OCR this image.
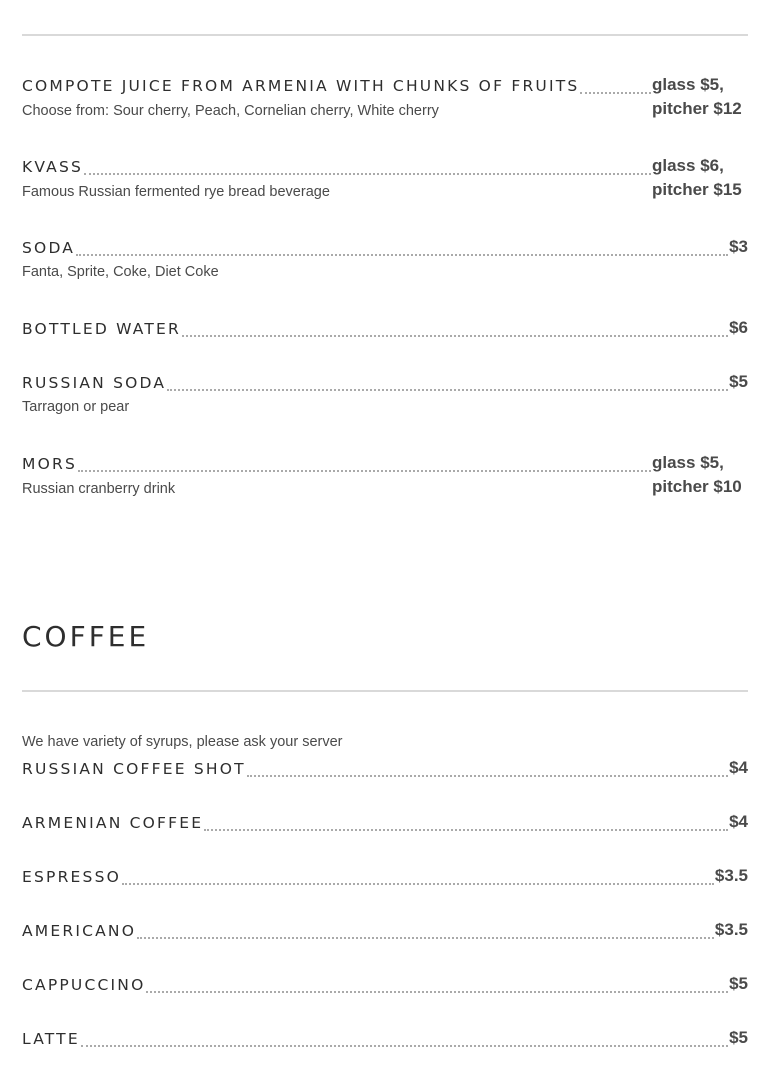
COMPOTE JUICE FROM ARMENIA WITH CHUNKS OF FRUITS	glass $5,
pitcher $12
Choose from: Sour cherry, Peach, Cornelian cherry, White cherry
KVASS	glass $6,
pitcher $15
Famous Russian fermented rye bread beverage
SODA	$3
Fanta, Sprite, Coke, Diet Coke
BOTTLED WATER	$6
RUSSIAN SODA	$5
Tarragon or pear
MORS	glass $5,
pitcher $10
Russian cranberry drink
COFFEE
We have variety of syrups, please ask your server
RUSSIAN COFFEE SHOT	$4
ARMENIAN COFFEE	$4
ESPRESSO	$3.5
AMERICANO	$3.5
CAPPUCCINO	$5
LATTE	$5
